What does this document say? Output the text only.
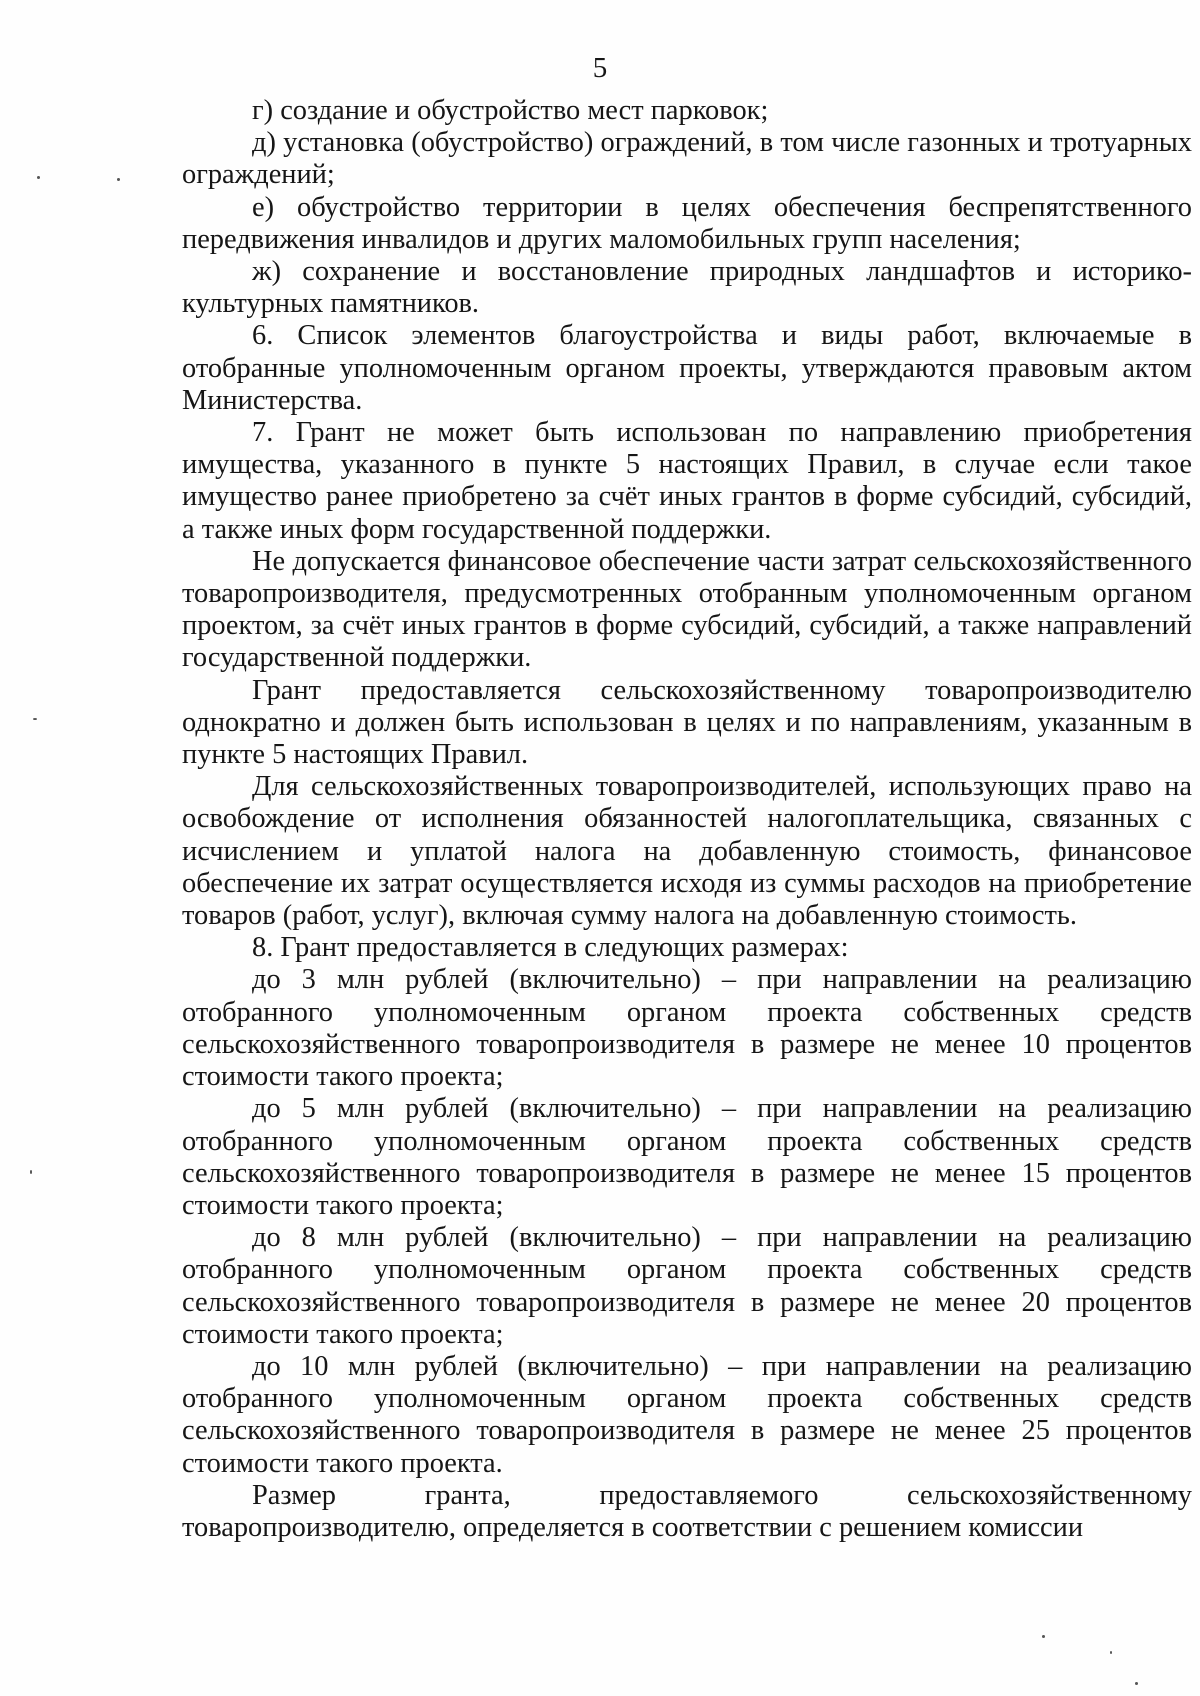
5

г) создание и обустройство мест парковок;

д) установка (обустройство) ограждений, в том числе газонных и тротуарных ограждений;

е) обустройство территории в целях обеспечения беспрепятственного передвижения инвалидов и других маломобильных групп населения;

ж) сохранение и восстановление природных ландшафтов и историко-культурных памятников.

6. Список элементов благоустройства и виды работ, включаемые в отобранные уполномоченным органом проекты, утверждаются правовым актом Министерства.

7. Грант не может быть использован по направлению приобретения имущества, указанного в пункте 5 настоящих Правил, в случае если такое имущество ранее приобретено за счёт иных грантов в форме субсидий, субсидий, а также иных форм государственной поддержки.

Не допускается финансовое обеспечение части затрат сельскохозяйственного товаропроизводителя, предусмотренных отобранным уполномоченным органом проектом, за счёт иных грантов в форме субсидий, субсидий, а также направлений государственной поддержки.

Грант предоставляется сельскохозяйственному товаропроизводителю однократно и должен быть использован в целях и по направлениям, указанным в пункте 5 настоящих Правил.

Для сельскохозяйственных товаропроизводителей, использующих право на освобождение от исполнения обязанностей налогоплательщика, связанных с исчислением и уплатой налога на добавленную стоимость, финансовое обеспечение их затрат осуществляется исходя из суммы расходов на приобретение товаров (работ, услуг), включая сумму налога на добавленную стоимость.

8. Грант предоставляется в следующих размерах:

до 3 млн рублей (включительно) – при направлении на реализацию отобранного уполномоченным органом проекта собственных средств сельскохозяйственного товаропроизводителя в размере не менее 10 процентов стоимости такого проекта;

до 5 млн рублей (включительно) – при направлении на реализацию отобранного уполномоченным органом проекта собственных средств сельскохозяйственного товаропроизводителя в размере не менее 15 процентов стоимости такого проекта;

до 8 млн рублей (включительно) – при направлении на реализацию отобранного уполномоченным органом проекта собственных средств сельскохозяйственного товаропроизводителя в размере не менее 20 процентов стоимости такого проекта;

до 10 млн рублей (включительно) – при направлении на реализацию отобранного уполномоченным органом проекта собственных средств сельскохозяйственного товаропроизводителя в размере не менее 25 процентов стоимости такого проекта.

Размер гранта, предоставляемого сельскохозяйственному товаропроизводителю, определяется в соответствии с решением комиссии
